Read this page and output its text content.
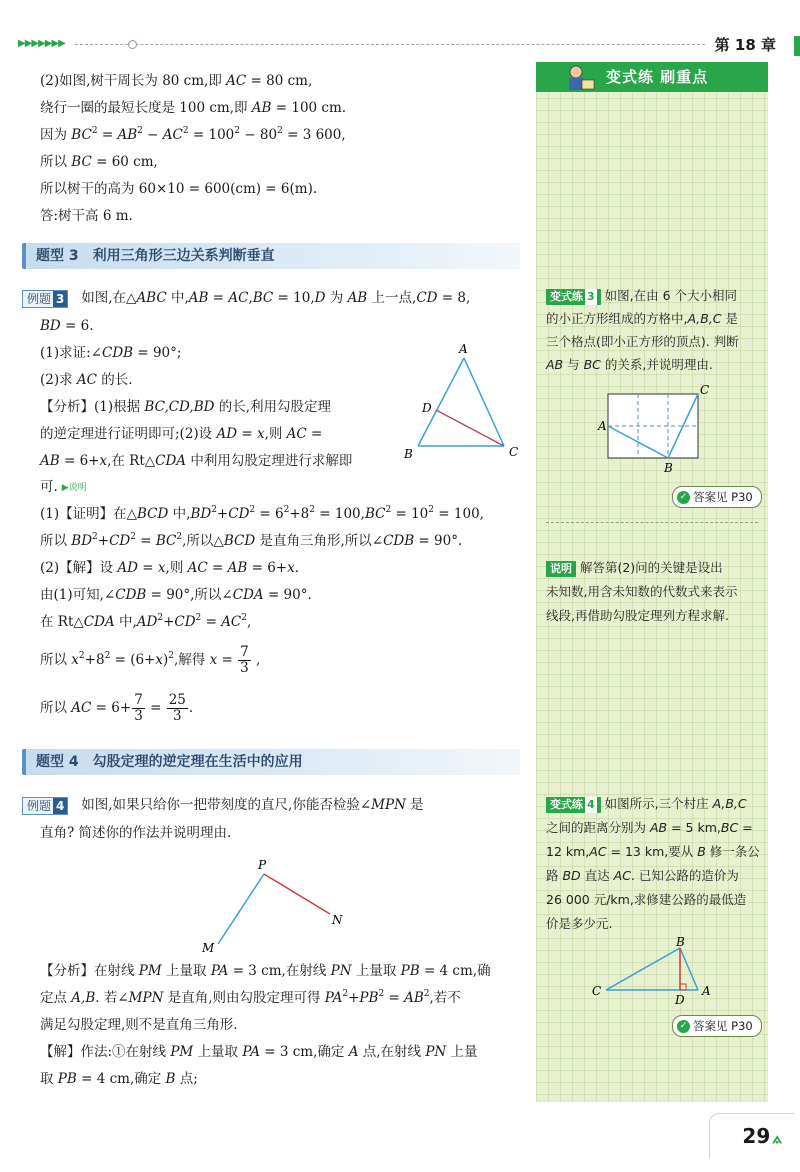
▶▶▶▶▶▶▶	第 18 章
(2)如图,树干周长为 80 cm,即 AC = 80 cm,
绕行一圈的最短长度是 100 cm,即 AB = 100 cm.
因为 $BC^2 = AB^2 - AC^2 = 100^2 - 80^2 = 3$ 600,
所以 BC = 60 cm,
所以树干的高为 60×10 = 600(cm) = 6(m).
答:树干高 6 m.
题型 3 利用三角形三边关系判断垂直
例题 3 如图,在△ABC 中,AB = AC,BC = 10,D 为 AB 上一点,CD = 8,
BD = 6.
(1)求证:∠CDB = 90°;
(2)求 AC 的长.
【分析】(1)根据 BC,CD,BD 的长,利用勾股定理
的逆定理进行证明即可;(2)设 AD = x,则 AC =
AB = 6+x,在 Rt△CDA 中利用勾股定理进行求解即
可. ▶说明
A
B	C
D
(1)【证明】在△BCD 中$,BD^2+CD^2 = 6^2+8^2 = 100,BC^2 = 10^2 = 100$,
所以 $BD^2+CD^2 = BC^2$,所以△BCD 是直角三角形,所以∠CDB = 90°.
(2)【解】设 AD = x,则 AC = AB = 6+x.
由(1)可知,∠CDB = 90°,所以∠CDA = 90°.
在 Rt△CDA 中$,AD^2+CD^2 = AC^2$,
所以 $x^2+8^2 = (6+x)^2$,解得 $x = \frac{7}{3}$ ,
所以 AC = $6+ \frac{7}{3} = \frac{25}{3}$ .
题型 4 勾股定理的逆定理在生活中的应用
例题 4 如图,如果只给你一把带刻度的直尺,你能否检验∠MPN 是
直角? 简述你的作法并说明理由.
P
M
N
【分析】在射线 PM 上量取 PA = 3 cm,在射线 PN 上量取 PB = 4 cm,确
定点 A,B. 若∠MPN 是直角,则由勾股定理可得 $PA^2+PB^2 = AB^2$,若不
满足勾股定理,则不是直角三角形.
【解】作法:①在射线 PM 上量取 PA = 3 cm,确定 A 点,在射线 PN 上量
取 PB = 4 cm,确定 B 点;
变式练 刷重点
变式练 3 如图,在由 6 个大小相同
的小正方形组成的方格中,A,B,C 是
三个格点(即小正方形的顶点). 判断
AB 与 BC 的关系,并说明理由.
A
B
C
✓ 答案见 P30
说明 解答第(2)问的关键是设出
未知数,用含未知数的代数式来表示
线段,再借助勾股定理列方程求解.
变式练 4 如图所示,三个村庄 A,B,C
之间的距离分别为 AB = 5 km,BC =
12 km,AC = 13 km,要从 B 修一条公
路 BD 直达 AC. 已知公路的造价为
26 000 元/km,求修建公路的最低造
价是多少元.
B
C	A
D
✓ 答案见 P30
29 ⟑
